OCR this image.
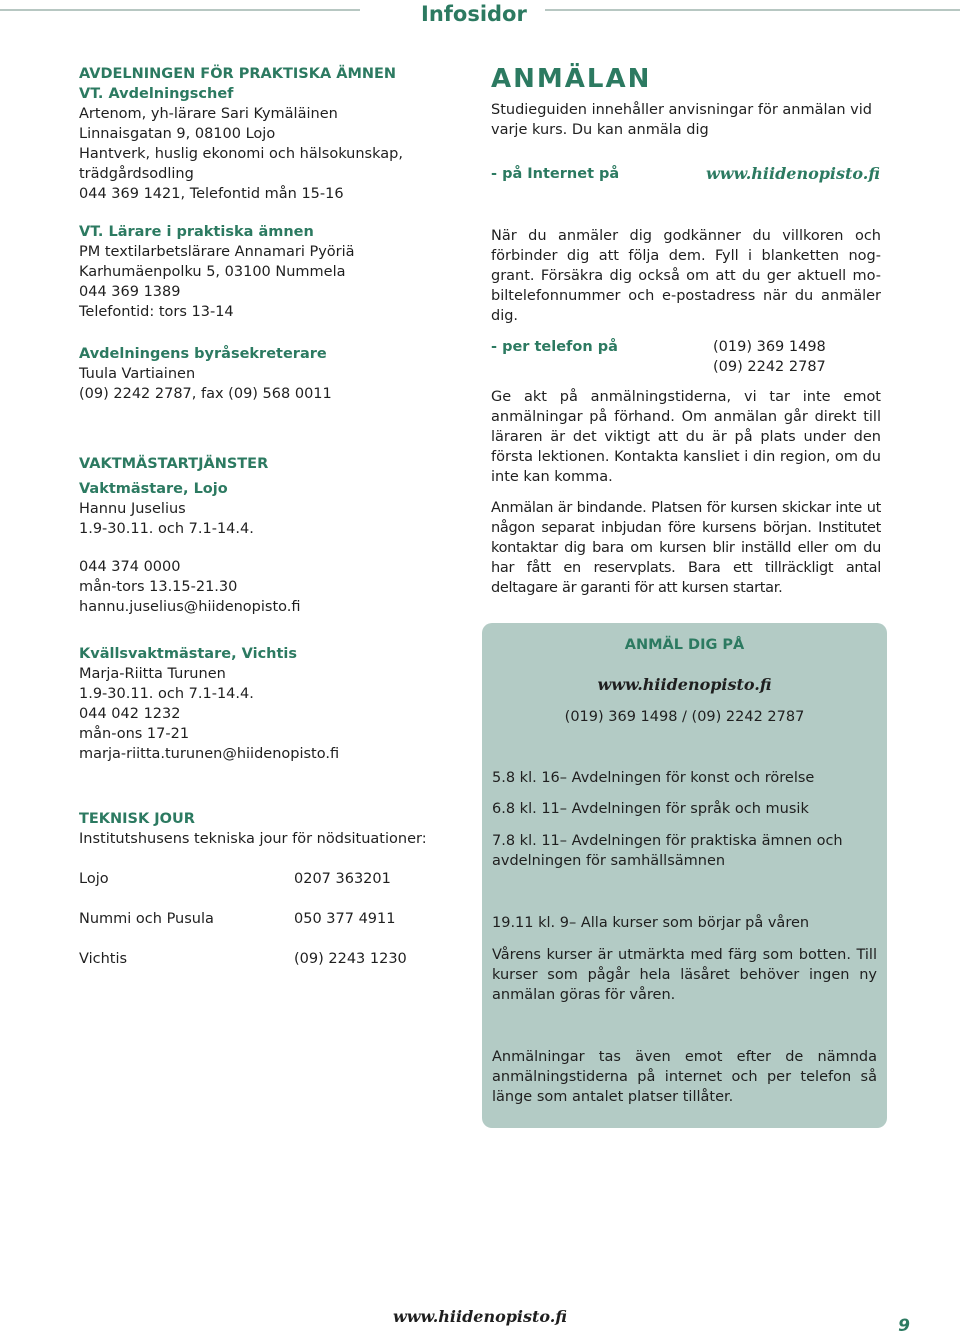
Infosidor

AVDELNINGEN FÖR PRAKTISKA ÄMNEN

VT. Avdelningschef

Artenom, yh-lärare Sari Kymäläinen

Linnaisgatan 9, 08100 Lojo

Hantverk, huslig ekonomi och hälsokunskap,

trädgårdsodling

044 369 1421, Telefontid mån 15-16

VT. Lärare i praktiska ämnen

PM textilarbetslärare Annamari Pyöriä

Karhumäenpolku 5, 03100 Nummela

044 369 1389

Telefontid: tors 13-14

Avdelningens byråsekreterare

Tuula Vartiainen

(09) 2242 2787, fax (09) 568 0011

VAKTMÄSTARTJÄNSTER

Vaktmästare, Lojo

Hannu Juselius

1.9-30.11. och 7.1-14.4.

044 374 0000

mån-tors 13.15-21.30

hannu.juselius@hiidenopisto.fi

Kvällsvaktmästare, Vichtis

Marja-Riitta Turunen

1.9-30.11. och 7.1-14.4.

044 042 1232

mån-ons 17-21

marja-riitta.turunen@hiidenopisto.fi

TEKNISK JOUR

Institutshusens tekniska jour för nödsituationer:

Lojo	0207 363201
Nummi och Pusula	050 377 4911
Vichtis	(09) 2243 1230

ANMÄLAN

Studieguiden innehåller anvisningar för anmälan vid varje kurs. Du kan anmäla dig

- på Internet på	www.hiidenopisto.fi

När du anmäler dig godkänner du villkoren och förbinder dig att följa dem. Fyll i blanketten nog-grant. Försäkra dig också om att du ger aktuell mo-biltelefonnummer och e-postadress när du anmäler dig.

- per telefon på	(019) 369 1498
(09) 2242 2787

Ge akt på anmälningstiderna, vi tar inte emot anmälningar på förhand. Om anmälan går direkt till läraren är det viktigt att du är på plats under den första lektionen. Kontakta kansliet i din region, om du inte kan komma.

Anmälan är bindande. Platsen för kursen skickar inte ut någon separat inbjudan före kursens början. Institutet kontaktar dig bara om kursen blir inställd eller om du har fått en reservplats. Bara ett tillräckligt antal deltagare är garanti för att kursen startar.

ANMÄL DIG PÅ
www.hiidenopisto.fi
(019) 369 1498 / (09) 2242 2787
5.8 kl. 16– Avdelningen för konst och rörelse
6.8 kl. 11– Avdelningen för språk och musik
7.8 kl. 11– Avdelningen för praktiska ämnen och avdelningen för samhällsämnen
19.11 kl. 9– Alla kurser som börjar på våren
Vårens kurser är utmärkta med färg som botten. Till kurser som pågår hela läsåret behöver ingen ny anmälan göras för våren.
Anmälningar tas även emot efter de nämnda anmälningstiderna på internet och per telefon så länge som antalet platser tillåter.
www.hiidenopisto.fi	9
